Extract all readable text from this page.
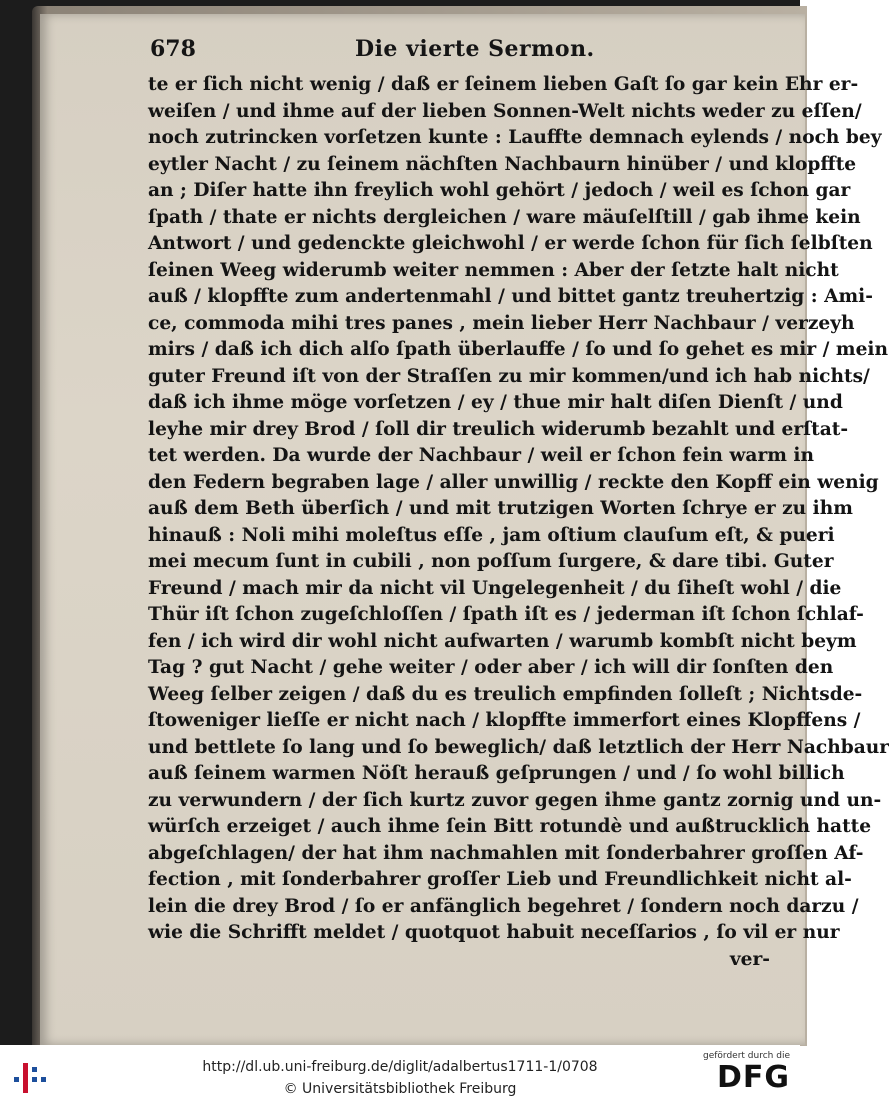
678	Die vierte Sermon.
te er ſich nicht wenig / daß er ſeinem lieben Gaſt ſo gar kein Ehr er-
weiſen / und ihme auf der lieben Sonnen-Welt nichts weder zu eſſen/
noch zutrincken vorſetzen kunte : Lauffte demnach eylends / noch bey
eytler Nacht / zu ſeinem nächſten Nachbaurn hinüber / und klopffte
an ; Diſer hatte ihn freylich wohl gehört / jedoch / weil es ſchon gar
ſpath / thate er nichts dergleichen / ware mäuſelſtill / gab ihme kein
Antwort / und gedenckte gleichwohl / er werde ſchon für ſich ſelbſten
ſeinen Weeg widerumb weiter nemmen : Aber der ſetzte halt nicht
auß / klopffte zum andertenmahl / und bittet gantz treuhertzig : Ami-
ce, commoda mihi tres panes , mein lieber Herr Nachbaur / verzeyh
mirs / daß ich dich alſo ſpath überlauffe / ſo und ſo gehet es mir / mein
guter Freund iſt von der Straſſen zu mir kommen/und ich hab nichts/
daß ich ihme möge vorſetzen / ey / thue mir halt diſen Dienſt / und
leyhe mir drey Brod / ſoll dir treulich widerumb bezahlt und erſtat-
tet werden. Da wurde der Nachbaur / weil er ſchon fein warm in
den Federn begraben lage / aller unwillig / reckte den Kopff ein wenig
auß dem Beth überſich / und mit trutzigen Worten ſchrye er zu ihm
hinauß : Noli mihi moleſtus eſſe , jam oſtium clauſum eſt, & pueri
mei mecum ſunt in cubili , non poſſum ſurgere, & dare tibi. Guter
Freund / mach mir da nicht vil Ungelegenheit / du ſiheſt wohl / die
Thür iſt ſchon zugeſchloſſen / ſpath iſt es / jederman iſt ſchon ſchlaf-
fen / ich wird dir wohl nicht aufwarten / warumb kombſt nicht beym
Tag ? gut Nacht / gehe weiter / oder aber / ich will dir ſonſten den
Weeg ſelber zeigen / daß du es treulich empfinden ſolleſt ; Nichtsde-
ſtoweniger lieſſe er nicht nach / klopffte immerfort eines Klopffens /
und bettlete ſo lang und ſo beweglich/ daß letztlich der Herr Nachbaur
auß ſeinem warmen Nöſt herauß geſprungen / und / ſo wohl billich
zu verwundern / der ſich kurtz zuvor gegen ihme gantz zornig und un-
würſch erzeiget / auch ihme ſein Bitt rotundè und außtrucklich hatte
abgeſchlagen/ der hat ihm nachmahlen mit ſonderbahrer groſſen Af-
fection , mit ſonderbahrer groſſer Lieb und Freundlichkeit nicht al-
lein die drey Brod / ſo er anfänglich begehret / ſondern noch darzu /
wie die Schrifft meldet / quotquot habuit neceſſarios , ſo vil er nur
ver-
http://dl.ub.uni-freiburg.de/diglit/adalbertus1711-1/0708
© Universitätsbibliothek Freiburg
gefördert durch die
DFG
